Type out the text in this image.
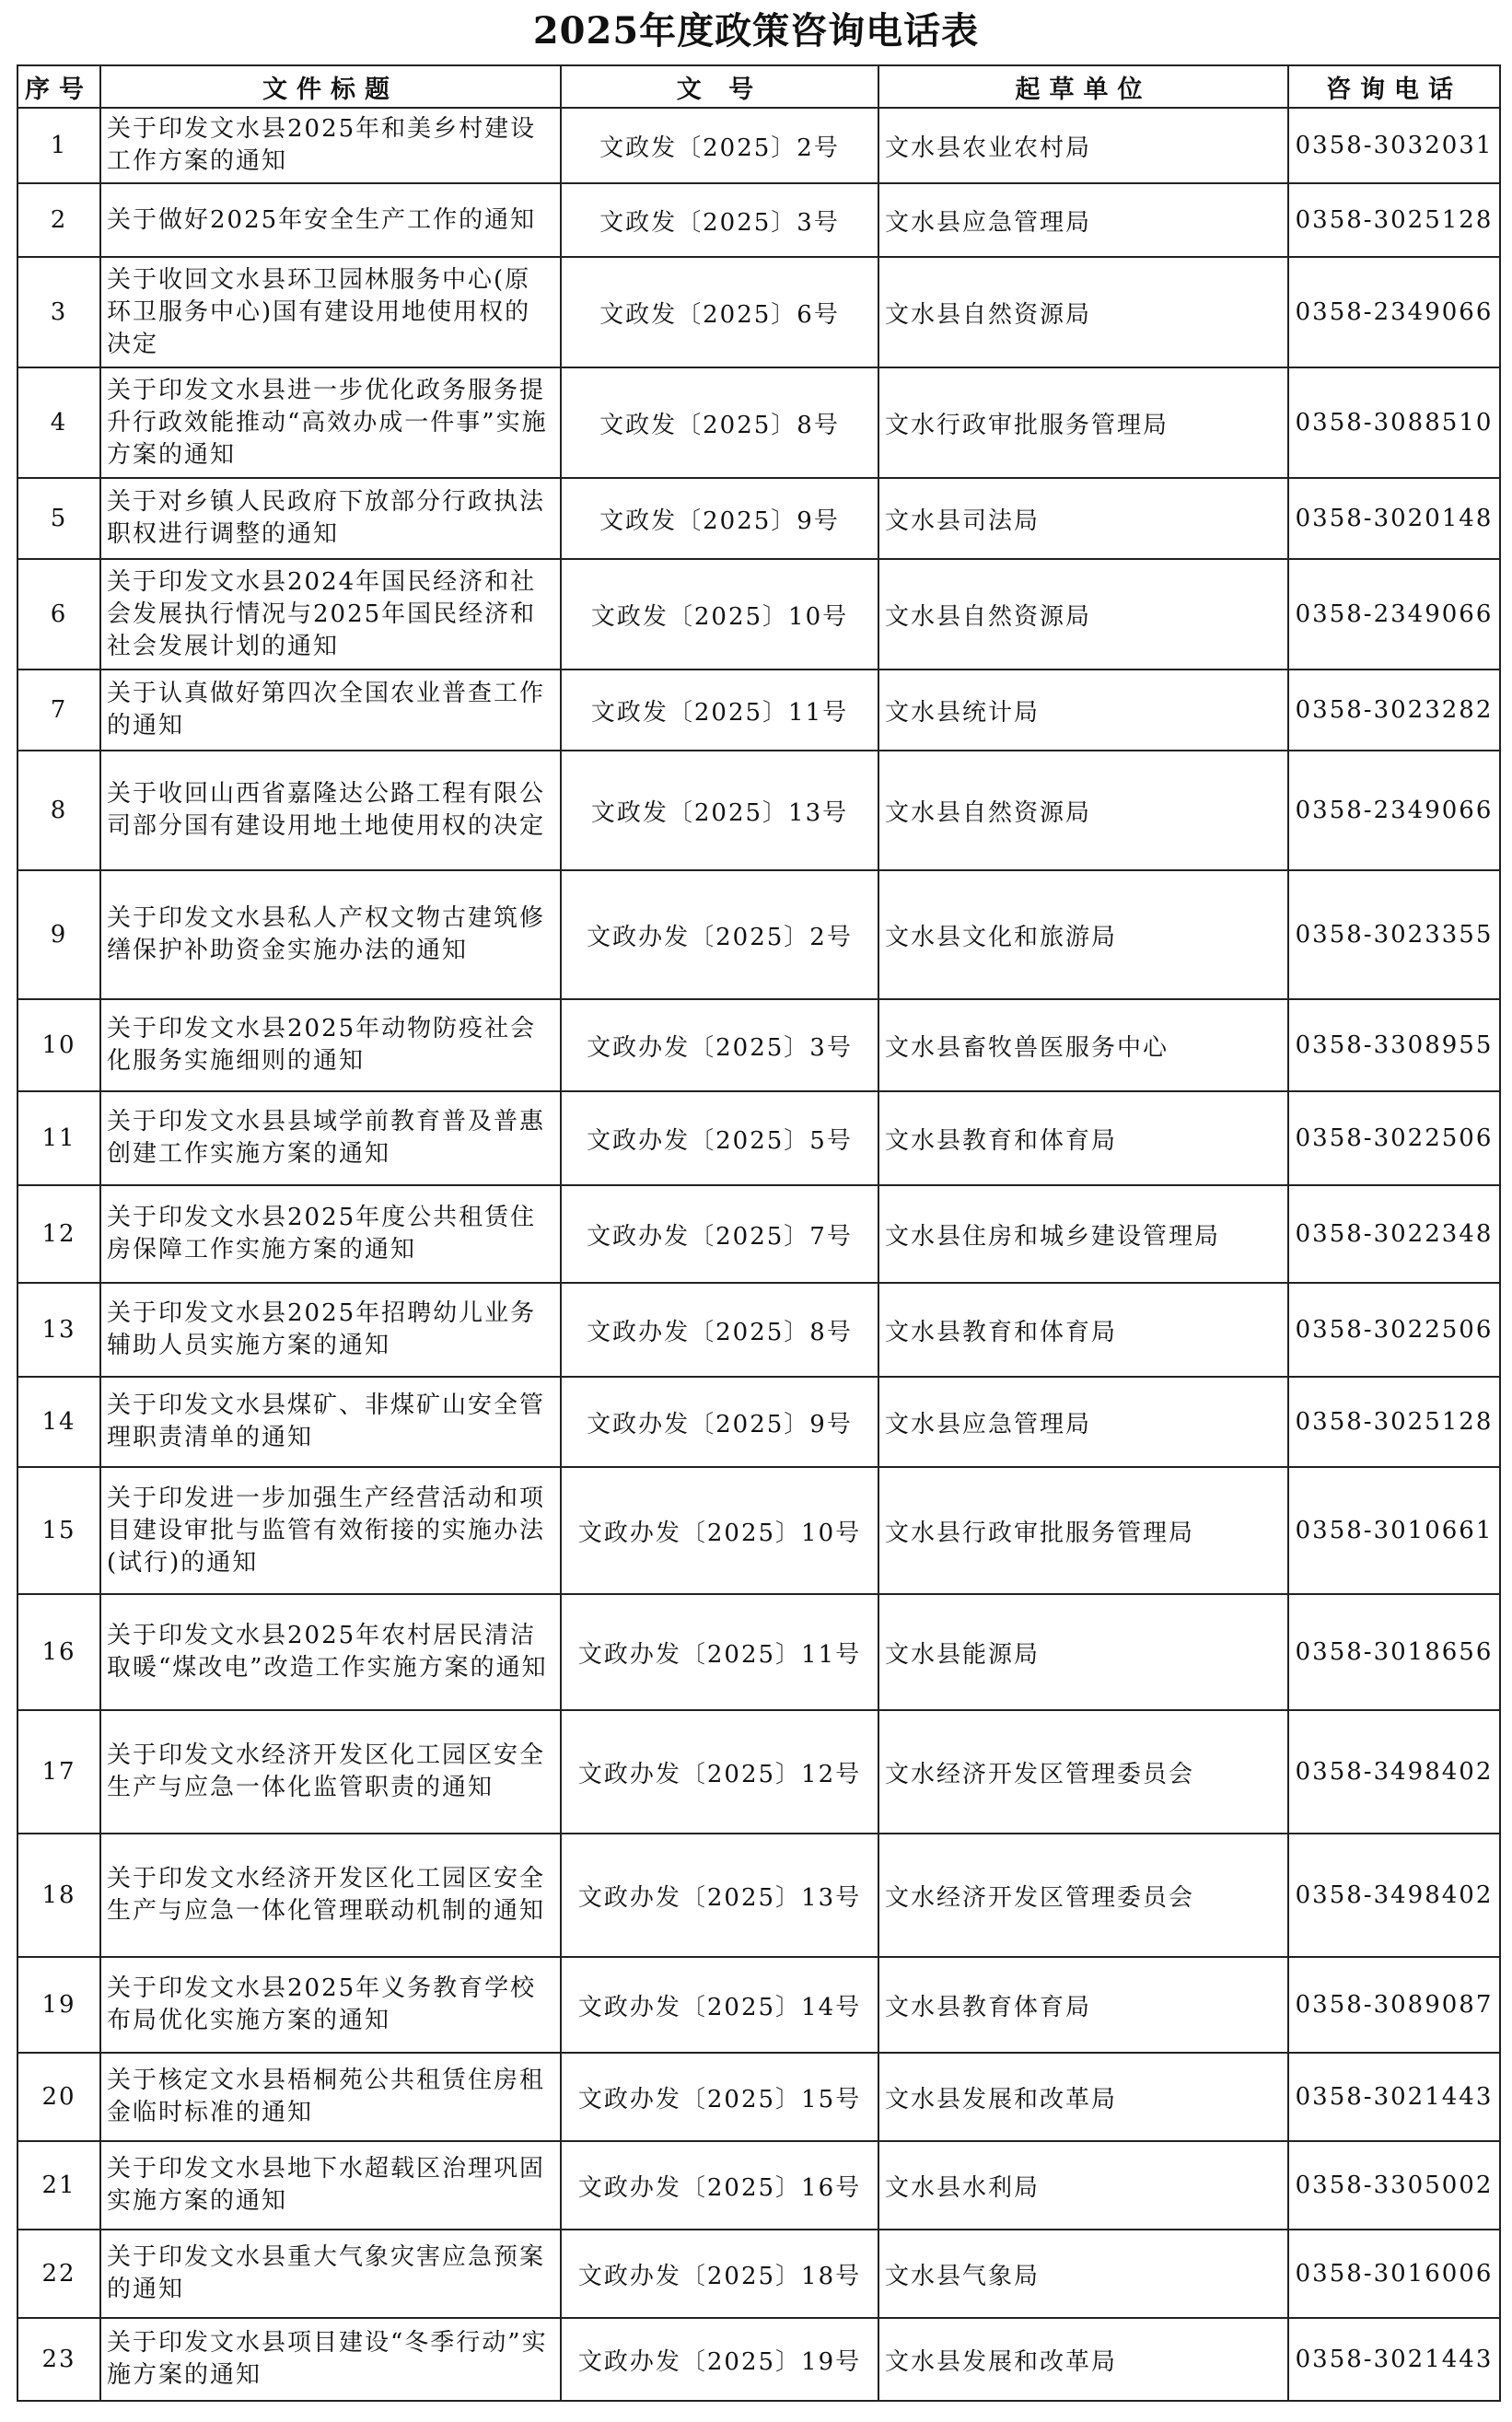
2025年度政策咨询电话表
序号	文件标题	文 号	起草单位	咨询电话
1	关于印发文水县2025年和美乡村建设工作方案的通知	文政发〔2025〕2号	文水县农业农村局	0358-3032031
2	关于做好2025年安全生产工作的通知	文政发〔2025〕3号	文水县应急管理局	0358-3025128
3	关于收回文水县环卫园林服务中心(原环卫服务中心)国有建设用地使用权的决定	文政发〔2025〕6号	文水县自然资源局	0358-2349066
4	关于印发文水县进一步优化政务服务提升行政效能推动“高效办成一件事”实施方案的通知	文政发〔2025〕8号	文水行政审批服务管理局	0358-3088510
5	关于对乡镇人民政府下放部分行政执法职权进行调整的通知	文政发〔2025〕9号	文水县司法局	0358-3020148
6	关于印发文水县2024年国民经济和社会发展执行情况与2025年国民经济和社会发展计划的通知	文政发〔2025〕10号	文水县自然资源局	0358-2349066
7	关于认真做好第四次全国农业普查工作的通知	文政发〔2025〕11号	文水县统计局	0358-3023282
8	关于收回山西省嘉隆达公路工程有限公司部分国有建设用地土地使用权的决定	文政发〔2025〕13号	文水县自然资源局	0358-2349066
9	关于印发文水县私人产权文物古建筑修缮保护补助资金实施办法的通知	文政办发〔2025〕2号	文水县文化和旅游局	0358-3023355
10	关于印发文水县2025年动物防疫社会化服务实施细则的通知	文政办发〔2025〕3号	文水县畜牧兽医服务中心	0358-3308955
11	关于印发文水县县域学前教育普及普惠创建工作实施方案的通知	文政办发〔2025〕5号	文水县教育和体育局	0358-3022506
12	关于印发文水县2025年度公共租赁住房保障工作实施方案的通知	文政办发〔2025〕7号	文水县住房和城乡建设管理局	0358-3022348
13	关于印发文水县2025年招聘幼儿业务辅助人员实施方案的通知	文政办发〔2025〕8号	文水县教育和体育局	0358-3022506
14	关于印发文水县煤矿、非煤矿山安全管理职责清单的通知	文政办发〔2025〕9号	文水县应急管理局	0358-3025128
15	关于印发进一步加强生产经营活动和项目建设审批与监管有效衔接的实施办法(试行)的通知	文政办发〔2025〕10号	文水县行政审批服务管理局	0358-3010661
16	关于印发文水县2025年农村居民清洁取暖“煤改电”改造工作实施方案的通知	文政办发〔2025〕11号	文水县能源局	0358-3018656
17	关于印发文水经济开发区化工园区安全生产与应急一体化监管职责的通知	文政办发〔2025〕12号	文水经济开发区管理委员会	0358-3498402
18	关于印发文水经济开发区化工园区安全生产与应急一体化管理联动机制的通知	文政办发〔2025〕13号	文水经济开发区管理委员会	0358-3498402
19	关于印发文水县2025年义务教育学校布局优化实施方案的通知	文政办发〔2025〕14号	文水县教育体育局	0358-3089087
20	关于核定文水县梧桐苑公共租赁住房租金临时标准的通知	文政办发〔2025〕15号	文水县发展和改革局	0358-3021443
21	关于印发文水县地下水超载区治理巩固实施方案的通知	文政办发〔2025〕16号	文水县水利局	0358-3305002
22	关于印发文水县重大气象灾害应急预案的通知	文政办发〔2025〕18号	文水县气象局	0358-3016006
23	关于印发文水县项目建设“冬季行动”实施方案的通知	文政办发〔2025〕19号	文水县发展和改革局	0358-3021443
